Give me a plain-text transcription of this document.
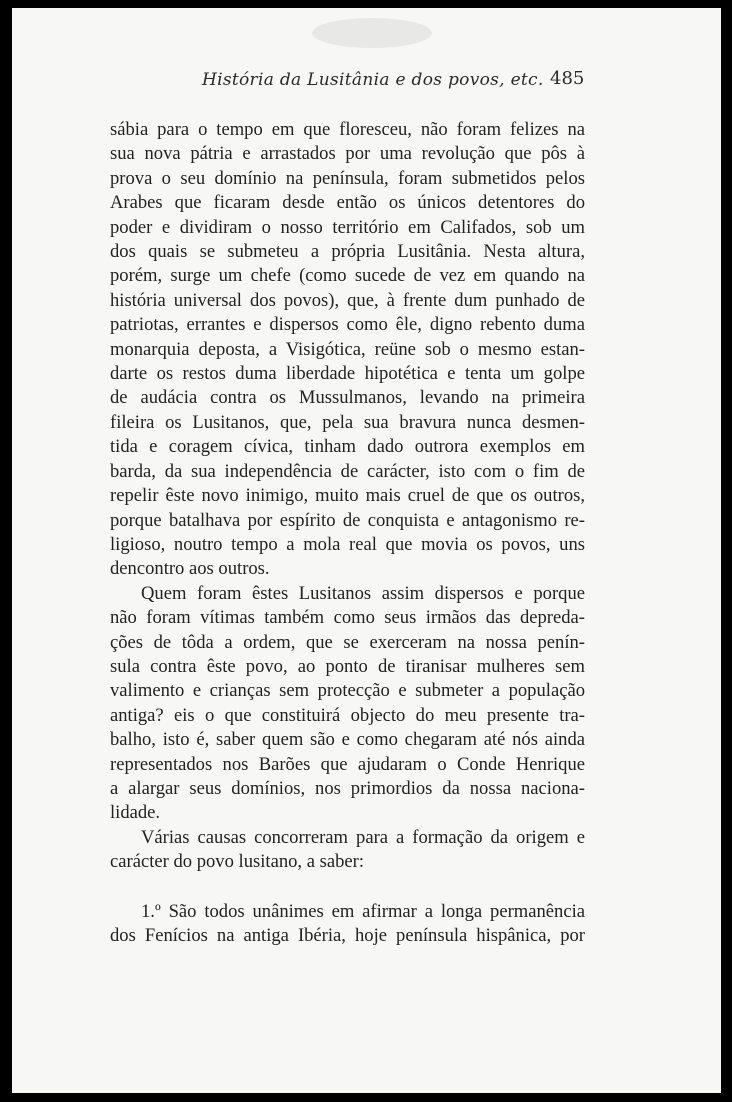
História da Lusitânia e dos povos, etc. 485

sábia para o tempo em que floresceu, não foram felizes na
sua nova pátria e arrastados por uma revolução que pôs à
prova o seu domínio na península, foram submetidos pelos
Arabes que ficaram desde então os únicos detentores do
poder e dividiram o nosso território em Califados, sob um
dos quais se submeteu a própria Lusitânia. Nesta altura,
porém, surge um chefe (como sucede de vez em quando na
história universal dos povos), que, à frente dum punhado de
patriotas, errantes e dispersos como êle, digno rebento duma
monarquia deposta, a Visigótica, reüne sob o mesmo estan-
darte os restos duma liberdade hipotética e tenta um golpe
de audácia contra os Mussulmanos, levando na primeira
fileira os Lusitanos, que, pela sua bravura nunca desmen-
tida e coragem cívica, tinham dado outrora exemplos em
barda, da sua independência de carácter, isto com o fim de
repelir êste novo inimigo, muito mais cruel de que os outros,
porque batalhava por espírito de conquista e antagonismo re-
ligioso, noutro tempo a mola real que movia os povos, uns
dencontro aos outros.

Quem foram êstes Lusitanos assim dispersos e porque
não foram vítimas também como seus irmãos das depreda-
ções de tôda a ordem, que se exerceram na nossa penín-
sula contra êste povo, ao ponto de tiranisar mulheres sem
valimento e crianças sem protecção e submeter a população
antiga? eis o que constituirá objecto do meu presente tra-
balho, isto é, saber quem são e como chegaram até nós ainda
representados nos Barões que ajudaram o Conde Henrique
a alargar seus domínios, nos primordios da nossa naciona-
lidade.

Várias causas concorreram para a formação da origem e
carácter do povo lusitano, a saber:

1.º São todos unânimes em afirmar a longa permanência
dos Fenícios na antiga Ibéria, hoje península hispânica, por
